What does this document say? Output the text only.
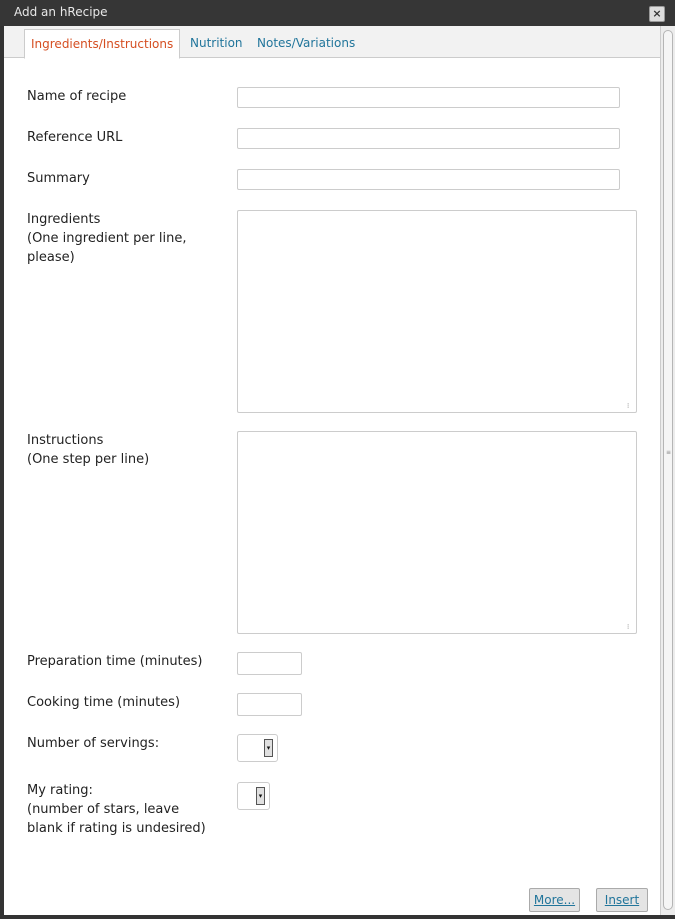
Add an hRecipe	×
Ingredients/Instructions	Nutrition	Notes/Variations
Name of recipe
Reference URL
Summary
Ingredients
(One ingredient per line,
please)
⁞
Instructions
(One step per line)
⁞
Preparation time (minutes)
Cooking time (minutes)
Number of servings:	▾
My rating:
(number of stars, leave
blank if rating is undesired)
▾
More...	Insert
≡
